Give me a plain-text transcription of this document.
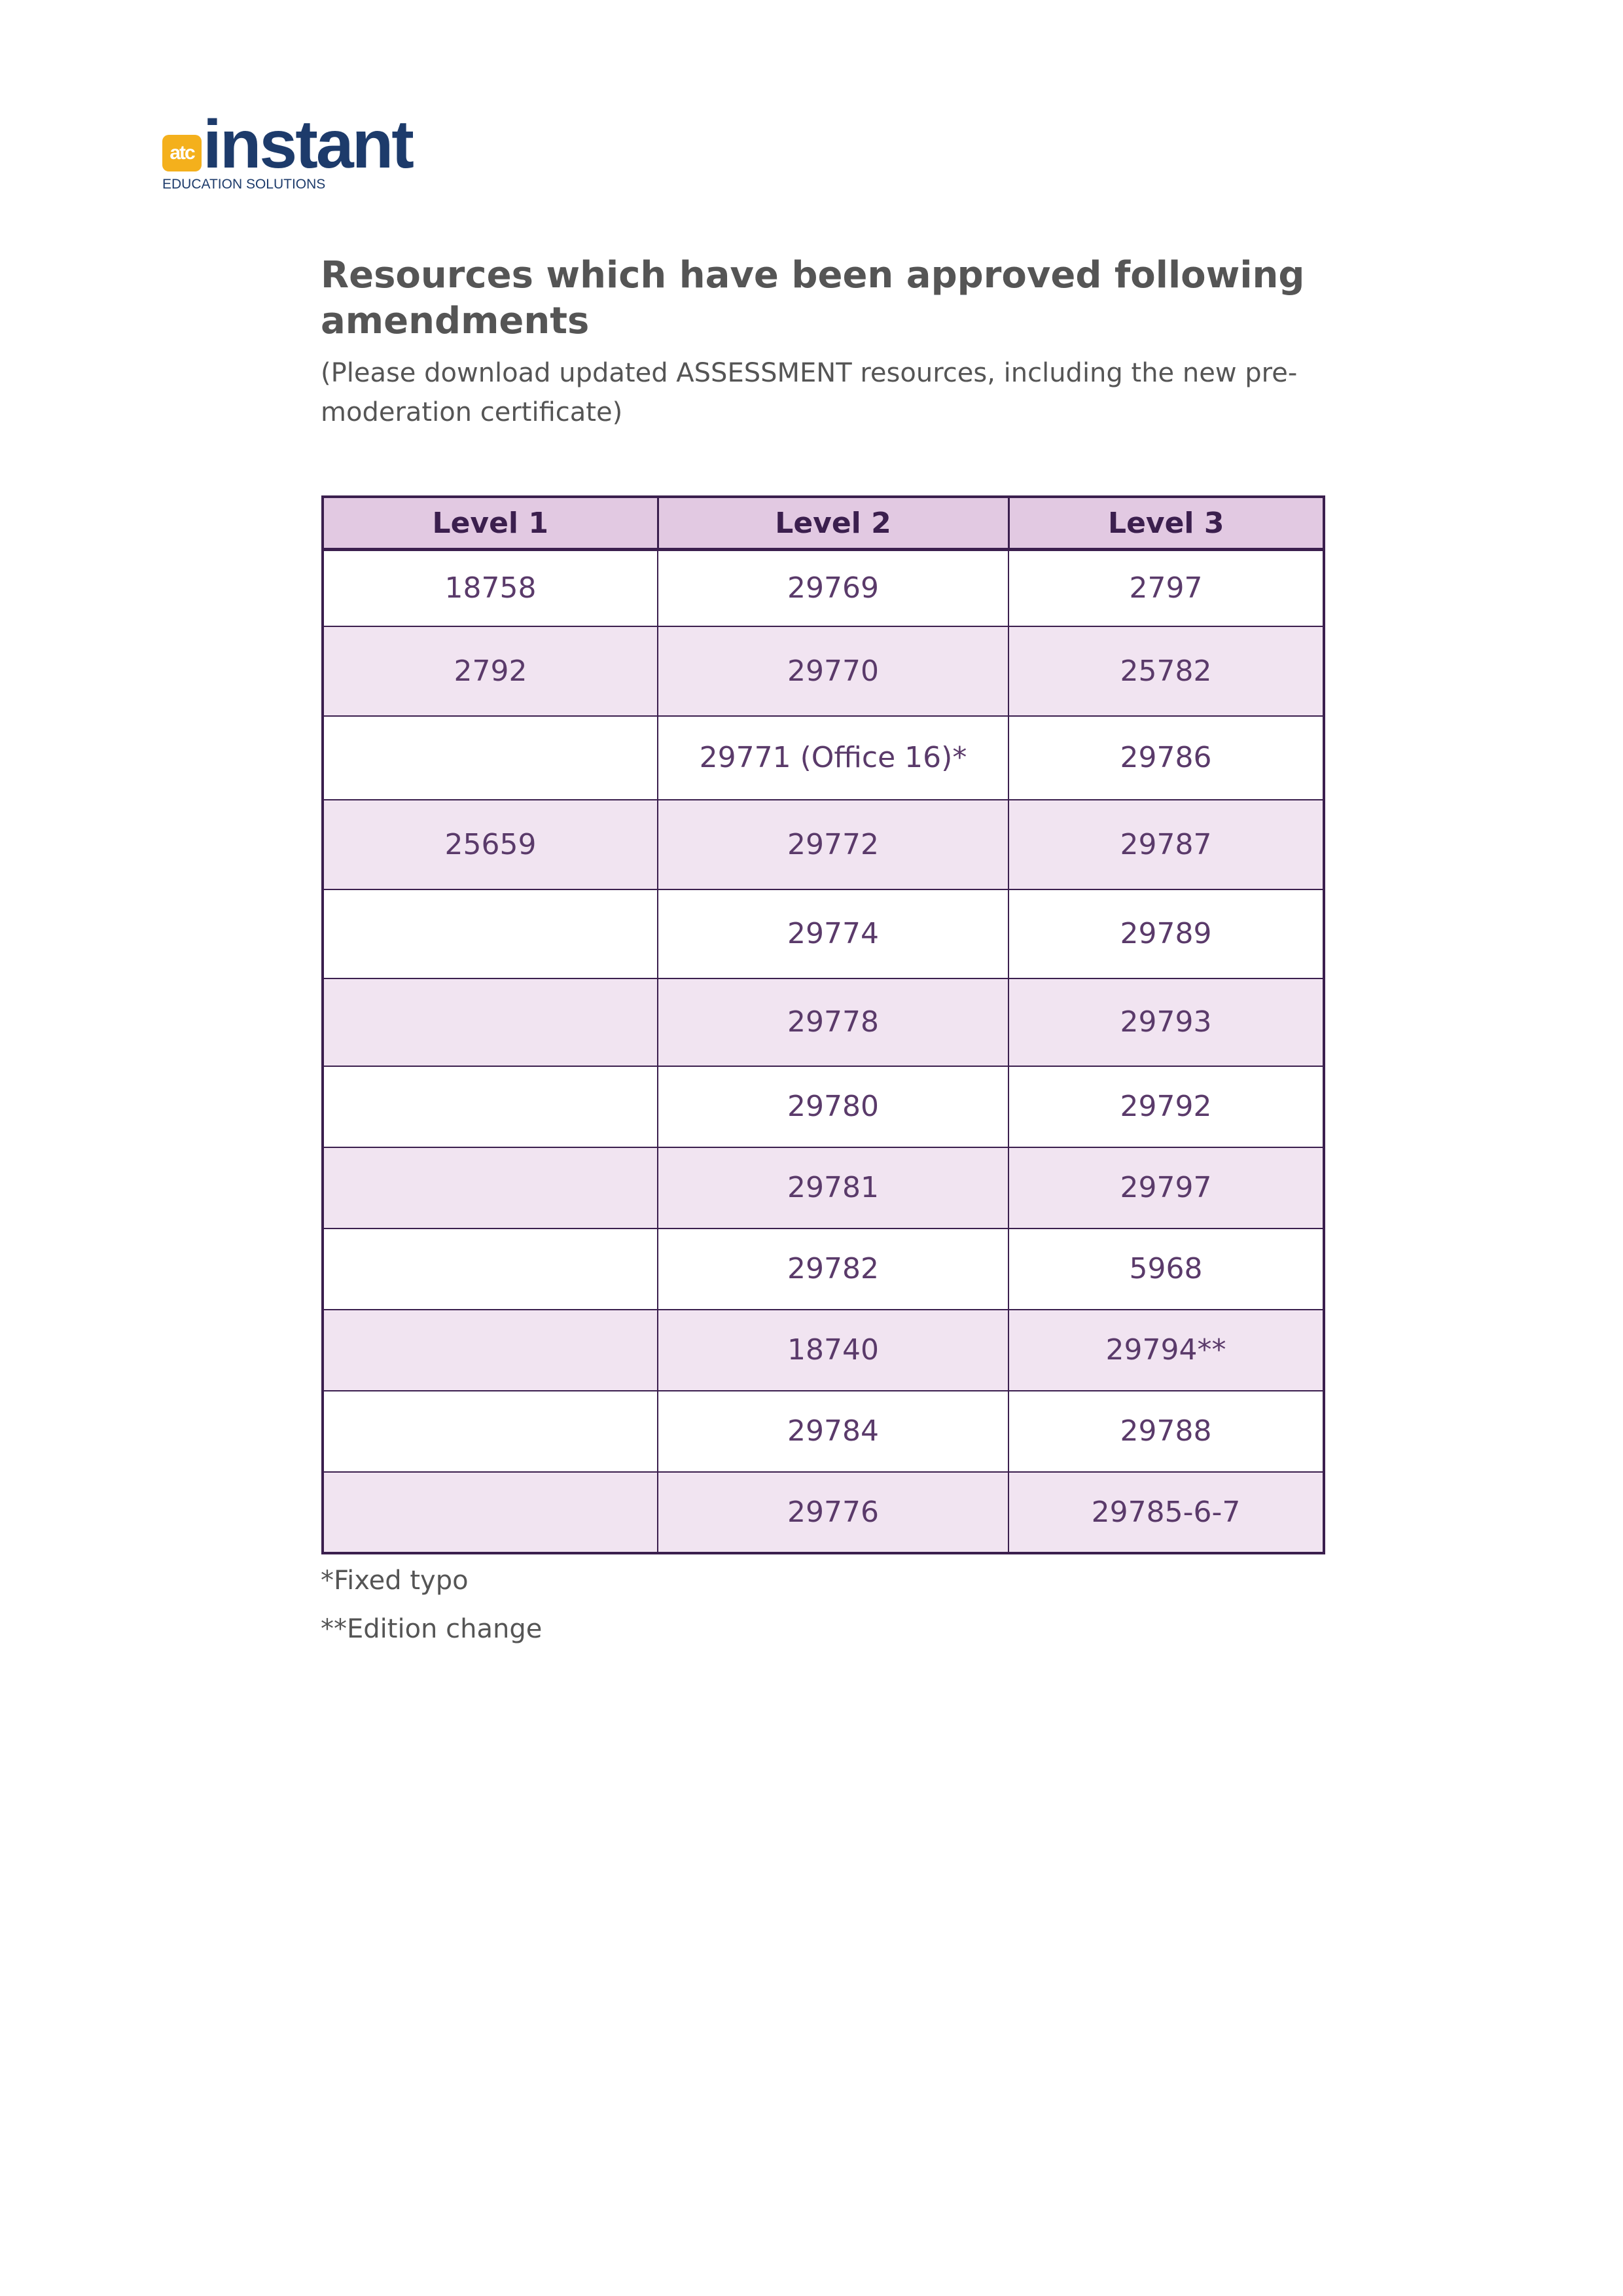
atc instant
EDUCATION SOLUTIONS
Resources which have been approved following amendments

(Please download updated ASSESSMENT resources, including the new pre-moderation certificate)

Level 1	Level 2	Level 3
18758	29769	2797
2792	29770	25782
	29771 (Office 16)*	29786
25659	29772	29787
	29774	29789
	29778	29793
	29780	29792
	29781	29797
	29782	5968
	18740	29794**
	29784	29788
	29776	29785-6-7

*Fixed typo

**Edition change
